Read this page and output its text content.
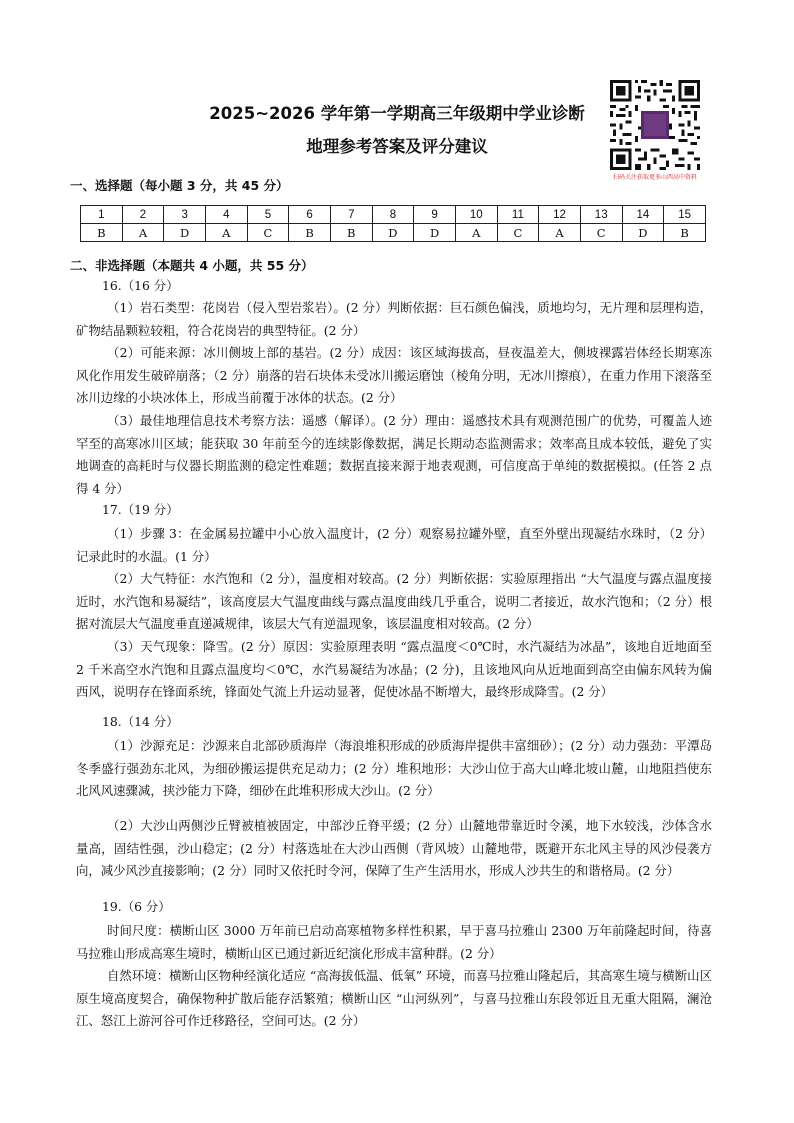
2025~2026 学年第一学期高三年级期中学业诊断
地理参考答案及评分建议
扫码关注获取更多山西高中资料
一、选择题（每小题 3 分，共 45 分）
1	2	3	4	5	6	7	8	9	10	11	12	13	14	15
B	A	D	A	C	B	B	D	D	A	C	A	C	D	B
二、非选择题（本题共 4 小题，共 55 分）
16.（16 分）
（1）岩石类型：花岗岩（侵入型岩浆岩）。(2 分）判断依据：巨石颜色偏浅，质地均匀，无片理和层理构造，矿物结晶颗粒较粗，符合花岗岩的典型特征。(2 分）
（2）可能来源：冰川侧坡上部的基岩。(2 分）成因：该区域海拔高，昼夜温差大，侧坡裸露岩体经长期寒冻风化作用发生破碎崩落；（2 分）崩落的岩石块体未受冰川搬运磨蚀（棱角分明，无冰川擦痕），在重力作用下滚落至冰川边缘的小块冰体上，形成当前覆于冰体的状态。(2 分）
（3）最佳地理信息技术考察方法：遥感（解译）。(2 分）理由：遥感技术具有观测范围广的优势，可覆盖人迹罕至的高寒冰川区域；能获取 30 年前至今的连续影像数据，满足长期动态监测需求；效率高且成本较低，避免了实地调查的高耗时与仪器长期监测的稳定性难题；数据直接来源于地表观测，可信度高于单纯的数据模拟。(任答 2 点得 4 分）
17.（19 分）
（1）步骤 3：在金属易拉罐中小心放入温度计，(2 分）观察易拉罐外壁，直至外壁出现凝结水珠时，（2 分）记录此时的水温。(1 分）
（2）大气特征：水汽饱和（2 分），温度相对较高。(2 分）判断依据：实验原理指出 “大气温度与露点温度接近时，水汽饱和易凝结”，该高度层大气温度曲线与露点温度曲线几乎重合，说明二者接近，故水汽饱和；（2 分）根据对流层大气温度垂直递减规律，该层大气有逆温现象，该层温度相对较高。(2 分）
（3）天气现象：降雪。(2 分）原因：实验原理表明 “露点温度＜0℃时，水汽凝结为冰晶”，该地自近地面至 2 千米高空水汽饱和且露点温度均＜0℃，水汽易凝结为冰晶；(2 分)，且该地风向从近地面到高空由偏东风转为偏西风，说明存在锋面系统，锋面处气流上升运动显著，促使冰晶不断增大，最终形成降雪。(2 分）
18.（14 分）
（1）沙源充足：沙源来自北部砂质海岸（海浪堆积形成的砂质海岸提供丰富细砂）；(2 分）动力强劲：平潭岛冬季盛行强劲东北风，为细砂搬运提供充足动力；(2 分）堆积地形：大沙山位于高大山峰北坡山麓，山地阻挡使东北风风速骤减，挟沙能力下降，细砂在此堆积形成大沙山。(2 分）
（2）大沙山两侧沙丘臂被植被固定，中部沙丘脊平缓；(2 分）山麓地带靠近时令溪，地下水较浅，沙体含水量高，固结性强，沙山稳定；(2 分）村落选址在大沙山西侧（背风坡）山麓地带，既避开东北风主导的风沙侵袭方向，减少风沙直接影响；(2 分）同时又依托时令河，保障了生产生活用水，形成人沙共生的和谐格局。(2 分）
19.（6 分）
时间尺度：横断山区 3000 万年前已启动高寒植物多样性积累，早于喜马拉雅山 2300 万年前隆起时间，待喜马拉雅山形成高寒生境时，横断山区已通过新近纪演化形成丰富种群。(2 分）
自然环境：横断山区物种经演化适应 “高海拔低温、低氧” 环境，而喜马拉雅山隆起后，其高寒生境与横断山区原生境高度契合，确保物种扩散后能存活繁殖；横断山区 “山河纵列”，与喜马拉雅山东段邻近且无重大阻隔，澜沧江、怒江上游河谷可作迁移路径，空间可达。(2 分）
